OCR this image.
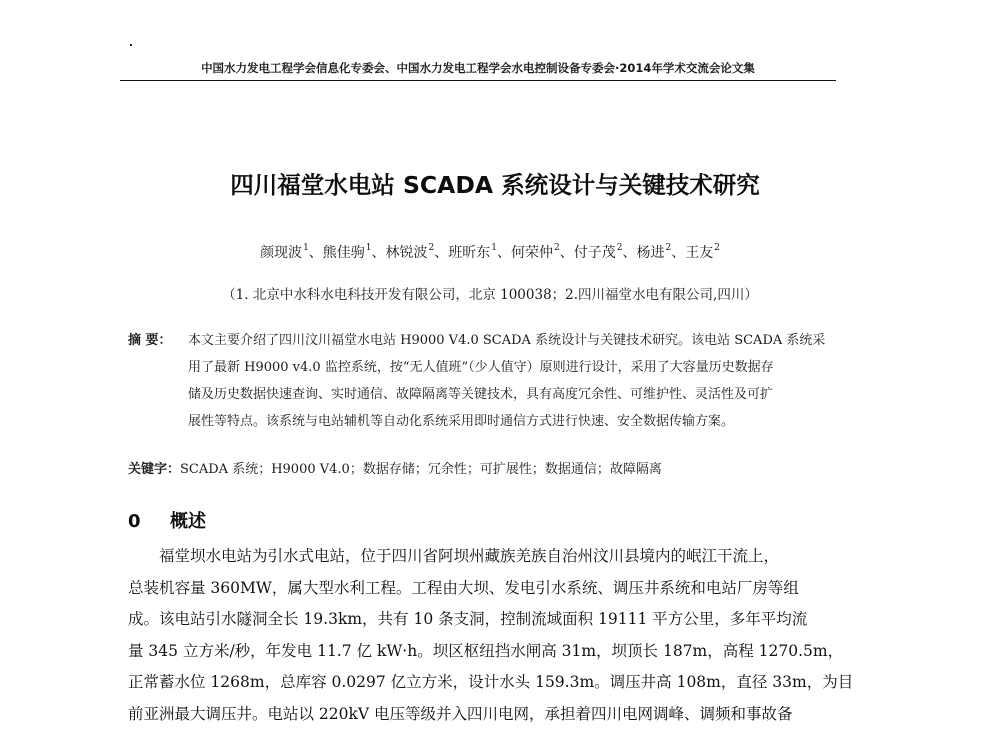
中国水力发电工程学会信息化专委会、中国水力发电工程学会水电控制设备专委会·2014年学术交流会论文集
四川福堂水电站 SCADA 系统设计与关键技术研究
颜现波$^1$、熊佳驹$^1$、林锐波$^2$、班昕东$^1$、何荣仲$^2$、付子茂$^2$、杨进$^2$、王友$^2$
（1. 北京中水科水电科技开发有限公司，北京 100038；2.四川福堂水电有限公司,四川）
摘 要： 本文主要介绍了四川汶川福堂水电站 H9000 V4.0 SCADA 系统设计与关键技术研究。该电站 SCADA 系统采
用了最新 H9000 v4.0 监控系统，按“无人值班”（少人值守）原则进行设计，采用了大容量历史数据存
储及历史数据快速查询、实时通信、故障隔离等关键技术，具有高度冗余性、可维护性、灵活性及可扩
展性等特点。该系统与电站辅机等自动化系统采用即时通信方式进行快速、安全数据传输方案。
关键字：SCADA 系统；H9000 V4.0；数据存储；冗余性；可扩展性；数据通信；故障隔离
0 概述
福堂坝水电站为引水式电站，位于四川省阿坝州藏族羌族自治州汶川县境内的岷江干流上，
总装机容量 360MW，属大型水利工程。工程由大坝、发电引水系统、调压井系统和电站厂房等组
成。该电站引水隧洞全长 19.3km，共有 10 条支洞，控制流域面积 19111 平方公里，多年平均流
量 345 立方米/秒，年发电 11.7 亿 kW·h。坝区枢纽挡水闸高 31m，坝顶长 187m，高程 1270.5m，
正常蓄水位 1268m，总库容 0.0297 亿立方米，设计水头 159.3m。调压井高 108m，直径 33m，为目
前亚洲最大调压井。电站以 220kV 电压等级并入四川电网，承担着四川电网调峰、调频和事故备
